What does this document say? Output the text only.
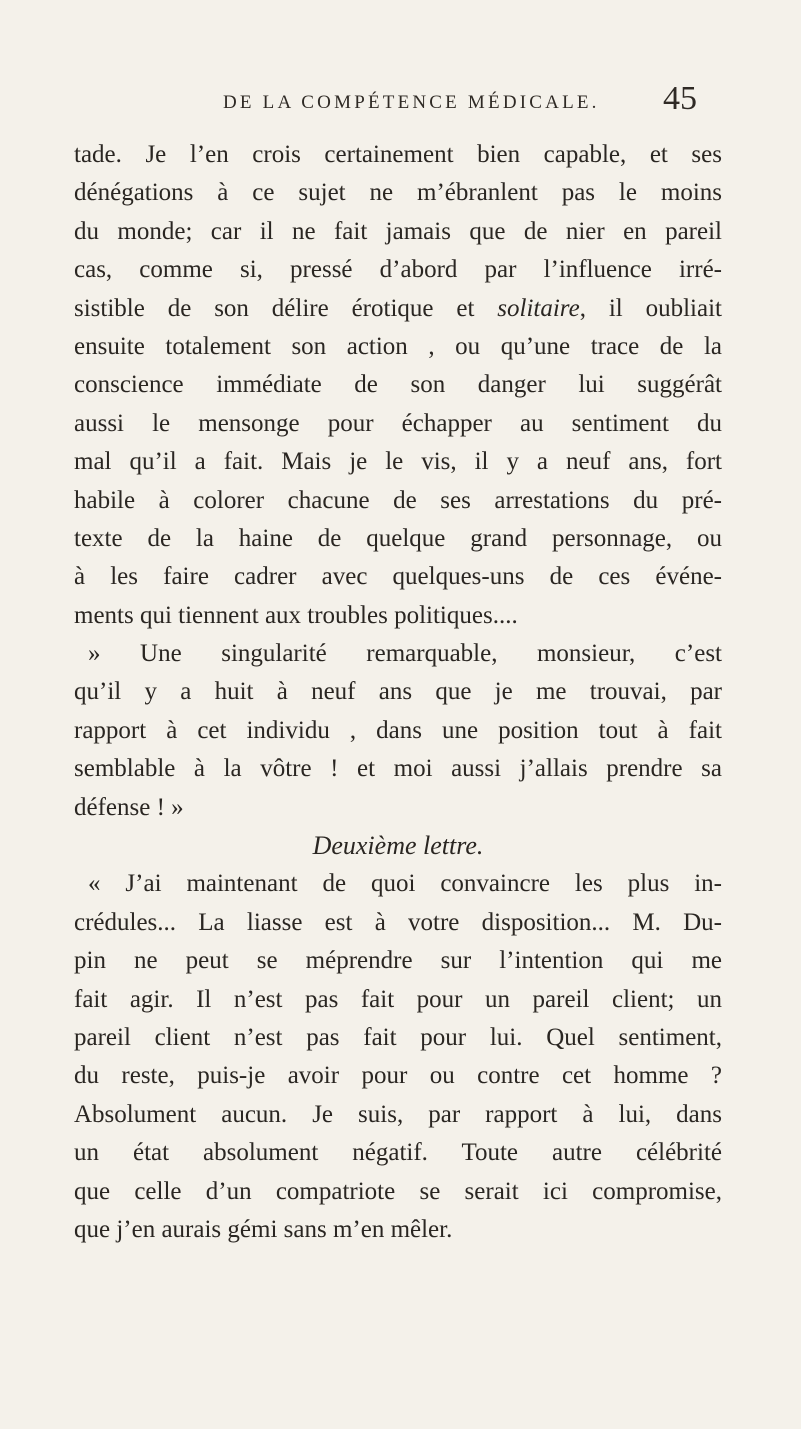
DE LA COMPÉTENCE MÉDICALE. 45
tade. Je l’en crois certainement bien capable, et ses
dénégations à ce sujet ne m’ébranlent pas le moins
du monde; car il ne fait jamais que de nier en pareil
cas, comme si, pressé d’abord par l’influence irré-
sistible de son délire érotique et solitaire, il oubliait
ensuite totalement son action , ou qu’une trace de la
conscience immédiate de son danger lui suggérât
aussi le mensonge pour échapper au sentiment du
mal qu’il a fait. Mais je le vis, il y a neuf ans, fort
habile à colorer chacune de ses arrestations du pré-
texte de la haine de quelque grand personnage, ou
à les faire cadrer avec quelques-uns de ces événe-
ments qui tiennent aux troubles politiques....
» Une singularité remarquable, monsieur, c’est
qu’il y a huit à neuf ans que je me trouvai, par
rapport à cet individu , dans une position tout à fait
semblable à la vôtre ! et moi aussi j’allais prendre sa
défense ! »
Deuxième lettre.
« J’ai maintenant de quoi convaincre les plus in-
crédules... La liasse est à votre disposition... M. Du-
pin ne peut se méprendre sur l’intention qui me
fait agir. Il n’est pas fait pour un pareil client; un
pareil client n’est pas fait pour lui. Quel sentiment,
du reste, puis-je avoir pour ou contre cet homme ?
Absolument aucun. Je suis, par rapport à lui, dans
un état absolument négatif. Toute autre célébrité
que celle d’un compatriote se serait ici compromise,
que j’en aurais gémi sans m’en mêler.
